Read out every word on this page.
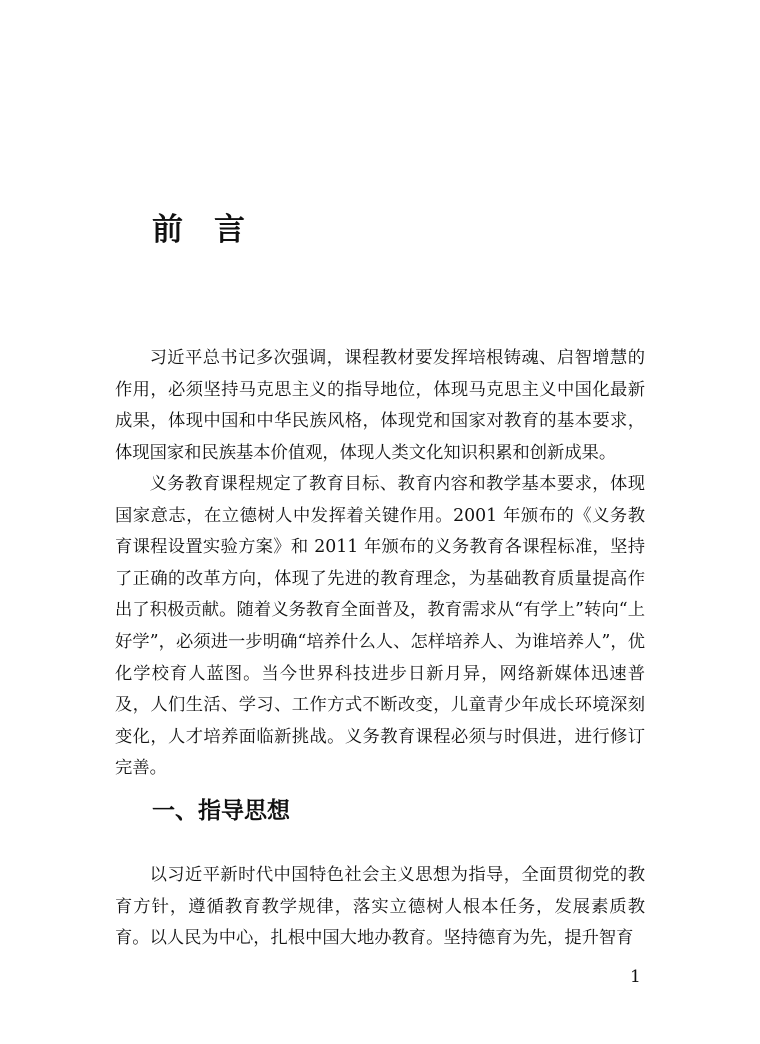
前　言

习近平总书记多次强调，课程教材要发挥培根铸魂、启智增慧的作用，必须坚持马克思主义的指导地位，体现马克思主义中国化最新成果，体现中国和中华民族风格，体现党和国家对教育的基本要求，体现国家和民族基本价值观，体现人类文化知识积累和创新成果。

义务教育课程规定了教育目标、教育内容和教学基本要求，体现国家意志，在立德树人中发挥着关键作用。2001 年颁布的《义务教育课程设置实验方案》和 2011 年颁布的义务教育各课程标准，坚持了正确的改革方向，体现了先进的教育理念，为基础教育质量提高作出了积极贡献。随着义务教育全面普及，教育需求从“有学上”转向“上好学”，必须进一步明确“培养什么人、怎样培养人、为谁培养人”，优化学校育人蓝图。当今世界科技进步日新月异，网络新媒体迅速普及，人们生活、学习、工作方式不断改变，儿童青少年成长环境深刻变化，人才培养面临新挑战。义务教育课程必须与时俱进，进行修订完善。

一、指导思想

以习近平新时代中国特色社会主义思想为指导，全面贯彻党的教育方针，遵循教育教学规律，落实立德树人根本任务，发展素质教育。以人民为中心，扎根中国大地办教育。坚持德育为先，提升智育

1
